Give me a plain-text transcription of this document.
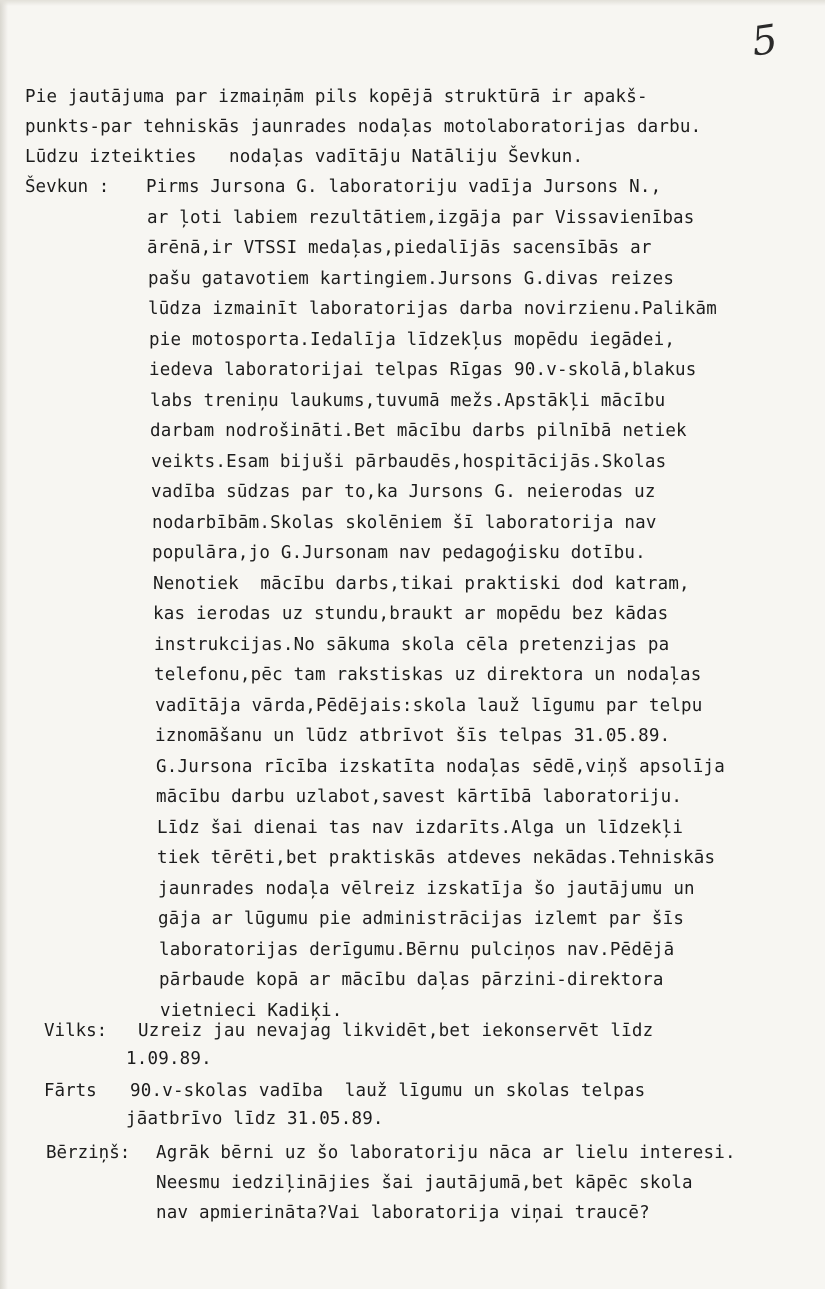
5
Pie jautājuma par izmaiņām pils kopējā struktūrā ir apakš-
punkts-par tehniskās jaunrades nodaļas motolaboratorijas darbu.
Lūdzu izteikties   nodaļas vadītāju Natāliju Ševkun.
Ševkun : Pirms Jursona G. laboratoriju vadīja Jursons N.,
ar ļoti labiem rezultātiem,izgāja par Vissavienības
ārēnā,ir VTSSI medaļas,piedalījās sacensībās ar
pašu gatavotiem kartingiem.Jursons G.divas reizes
lūdza izmainīt laboratorijas darba novirzienu.Palikām
pie motosporta.Iedalīja līdzekļus mopēdu iegādei,
iedeva laboratorijai telpas Rīgas 90.v-skolā,blakus
labs treniņu laukums,tuvumā mežs.Apstākļi mācību
darbam nodrošināti.Bet mācību darbs pilnībā netiek
veikts.Esam bijuši pārbaudēs,hospitācijās.Skolas
vadība sūdzas par to,ka Jursons G. neierodas uz
nodarbībām.Skolas skolēniem šī laboratorija nav
populāra,jo G.Jursonam nav pedagoģisku dotību.
Nenotiek  mācību darbs,tikai praktiski dod katram,
kas ierodas uz stundu,braukt ar mopēdu bez kādas
instrukcijas.No sākuma skola cēla pretenzijas pa
telefonu,pēc tam rakstiskas uz direktora un nodaļas
vadītāja vārda,Pēdējais:skola lauž līgumu par telpu
iznomāšanu un lūdz atbrīvot šīs telpas 31.05.89.
G.Jursona rīcība izskatīta nodaļas sēdē,viņš apsolīja
mācību darbu uzlabot,savest kārtībā laboratoriju.
Līdz šai dienai tas nav izdarīts.Alga un līdzekļi
tiek tērēti,bet praktiskās atdeves nekādas.Tehniskās
jaunrades nodaļa vēlreiz izskatīja šo jautājumu un
gāja ar lūgumu pie administrācijas izlemt par šīs
laboratorijas derīgumu.Bērnu pulciņos nav.Pēdējā
pārbaude kopā ar mācību daļas pārzini-direktora
vietnieci Kadiķi.
Vilks: Uzreiz jau nevajag likvidēt,bet iekonservēt līdz
1.09.89.
Fārts 90.v-skolas vadība  lauž līgumu un skolas telpas
jāatbrīvo līdz 31.05.89.
Bērziņš: Agrāk bērni uz šo laboratoriju nāca ar lielu interesi.
Neesmu iedziļinājies šai jautājumā,bet kāpēc skola
nav apmierināta?Vai laboratorija viņai traucē?
